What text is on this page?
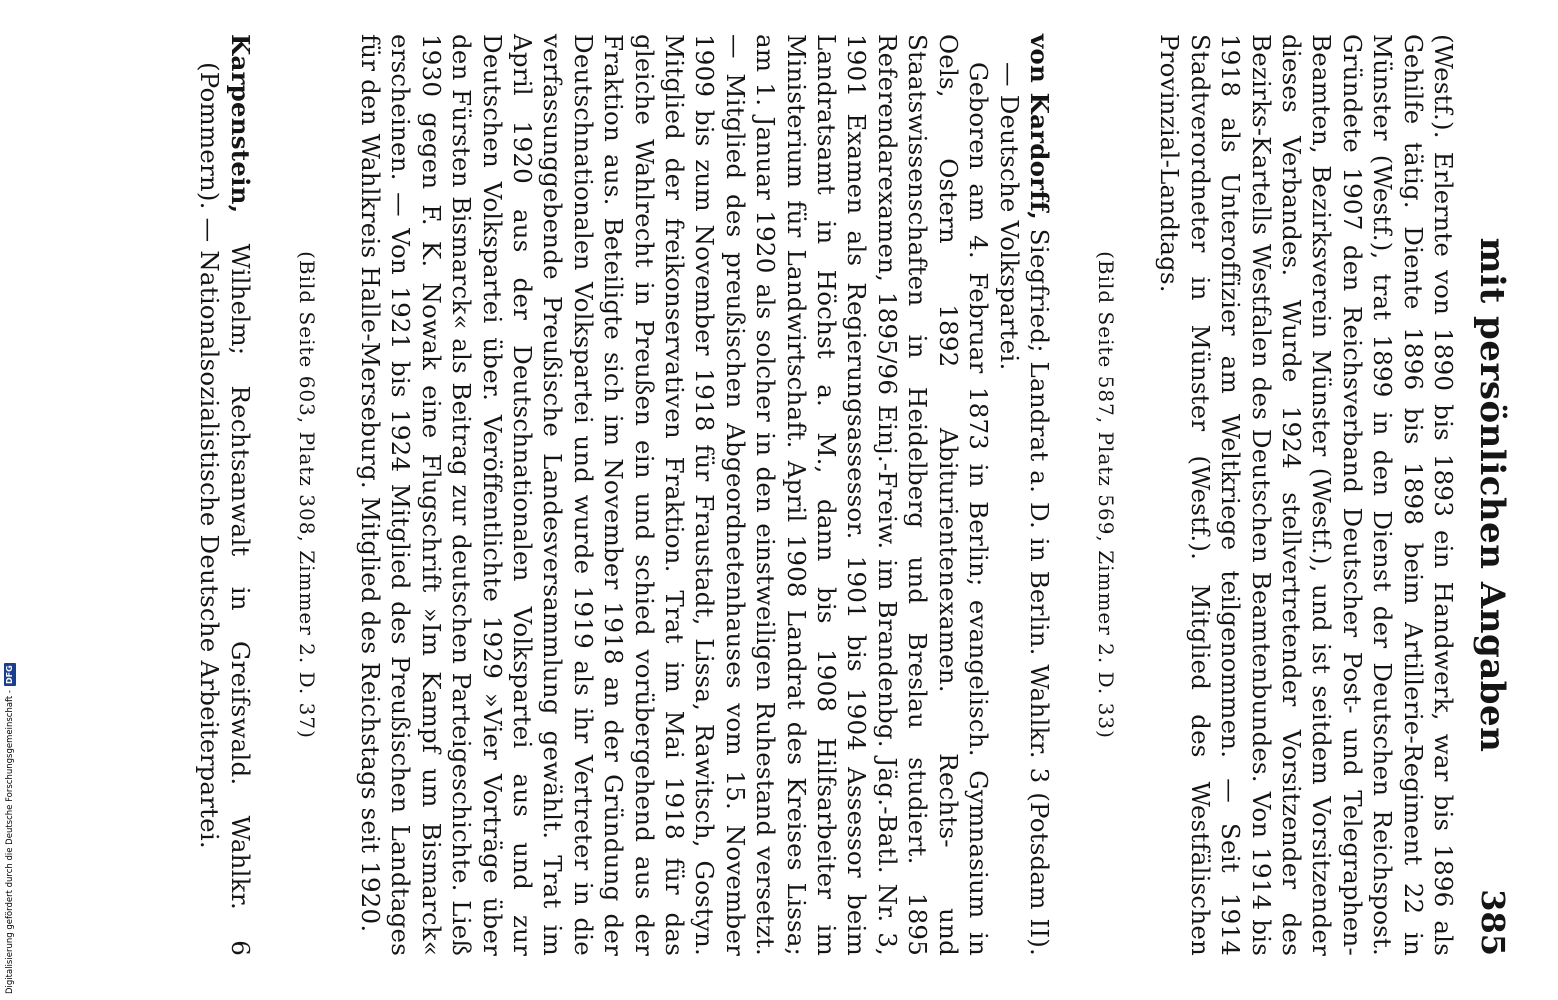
mit persönlichen Angaben
385

(Westf.). Erlernte von 1890 bis 1893 ein Handwerk, war bis 1896 als Gehilfe tätig. Diente 1896 bis 1898 beim Artillerie-Regiment 22 in Münster (Westf.), trat 1899 in den Dienst der Deutschen Reichspost. Gründete 1907 den Reichsverband Deutscher Post- und Telegraphen-Beamten, Bezirksverein Münster (Westf.), und ist seitdem Vorsitzender dieses Verbandes. Wurde 1924 stellvertretender Vorsitzender des Bezirks-Kartells Westfalen des Deutschen Beamtenbundes. Von 1914 bis 1918 als Unteroffizier am Weltkriege teilgenommen. — Seit 1914 Stadtverordneter in Münster (Westf.). Mitglied des Westfälischen Provinzial-Landtags.

(Bild Seite 587, Platz 569, Zimmer 2. D. 33)

von Kardorff, Siegfried; Landrat a. D. in Berlin. Wahlkr. 3 (Potsdam II). — Deutsche Volkspartei.

Geboren am 4. Februar 1873 in Berlin; evangelisch. Gymnasium in Oels, Ostern 1892 Abiturientenexamen. Rechts- und Staatswissenschaften in Heidelberg und Breslau studiert. 1895 Referendarexamen, 1895/96 Einj.-Freiw. im Brandenbg. Jäg.-Batl. Nr. 3, 1901 Examen als Regierungsassessor. 1901 bis 1904 Assessor beim Landratsamt in Höchst a. M., dann bis 1908 Hilfsarbeiter im Ministerium für Landwirtschaft. April 1908 Landrat des Kreises Lissa; am 1. Januar 1920 als solcher in den einstweiligen Ruhestand versetzt. — Mitglied des preußischen Abgeordnetenhauses vom 15. November 1909 bis zum November 1918 für Fraustadt, Lissa, Rawitsch, Gostyn. Mitglied der freikonservativen Fraktion. Trat im Mai 1918 für das gleiche Wahlrecht in Preußen ein und schied vorübergehend aus der Fraktion aus. Beteiligte sich im November 1918 an der Gründung der Deutschnationalen Volkspartei und wurde 1919 als ihr Vertreter in die verfassunggebende Preußische Landesversammlung gewählt. Trat im April 1920 aus der Deutschnationalen Volkspartei aus und zur Deutschen Volkspartei über. Veröffentlichte 1929 »Vier Vorträge über den Fürsten Bismarck« als Beitrag zur deutschen Parteigeschichte. Ließ 1930 gegen F. K. Nowak eine Flugschrift »Im Kampf um Bismarck« erscheinen. — Von 1921 bis 1924 Mitglied des Preußischen Landtages für den Wahlkreis Halle-Merseburg. Mitglied des Reichstags seit 1920.

(Bild Seite 603, Platz 308, Zimmer 2. D. 37)

Karpenstein, Wilhelm; Rechtsanwalt in Greifswald. Wahlkr. 6 (Pommern). — Nationalsozialistische Deutsche Arbeiterpartei.

Digitalisierung gefördert durch die Deutsche Forschungsgemeinschaft -
DFG
